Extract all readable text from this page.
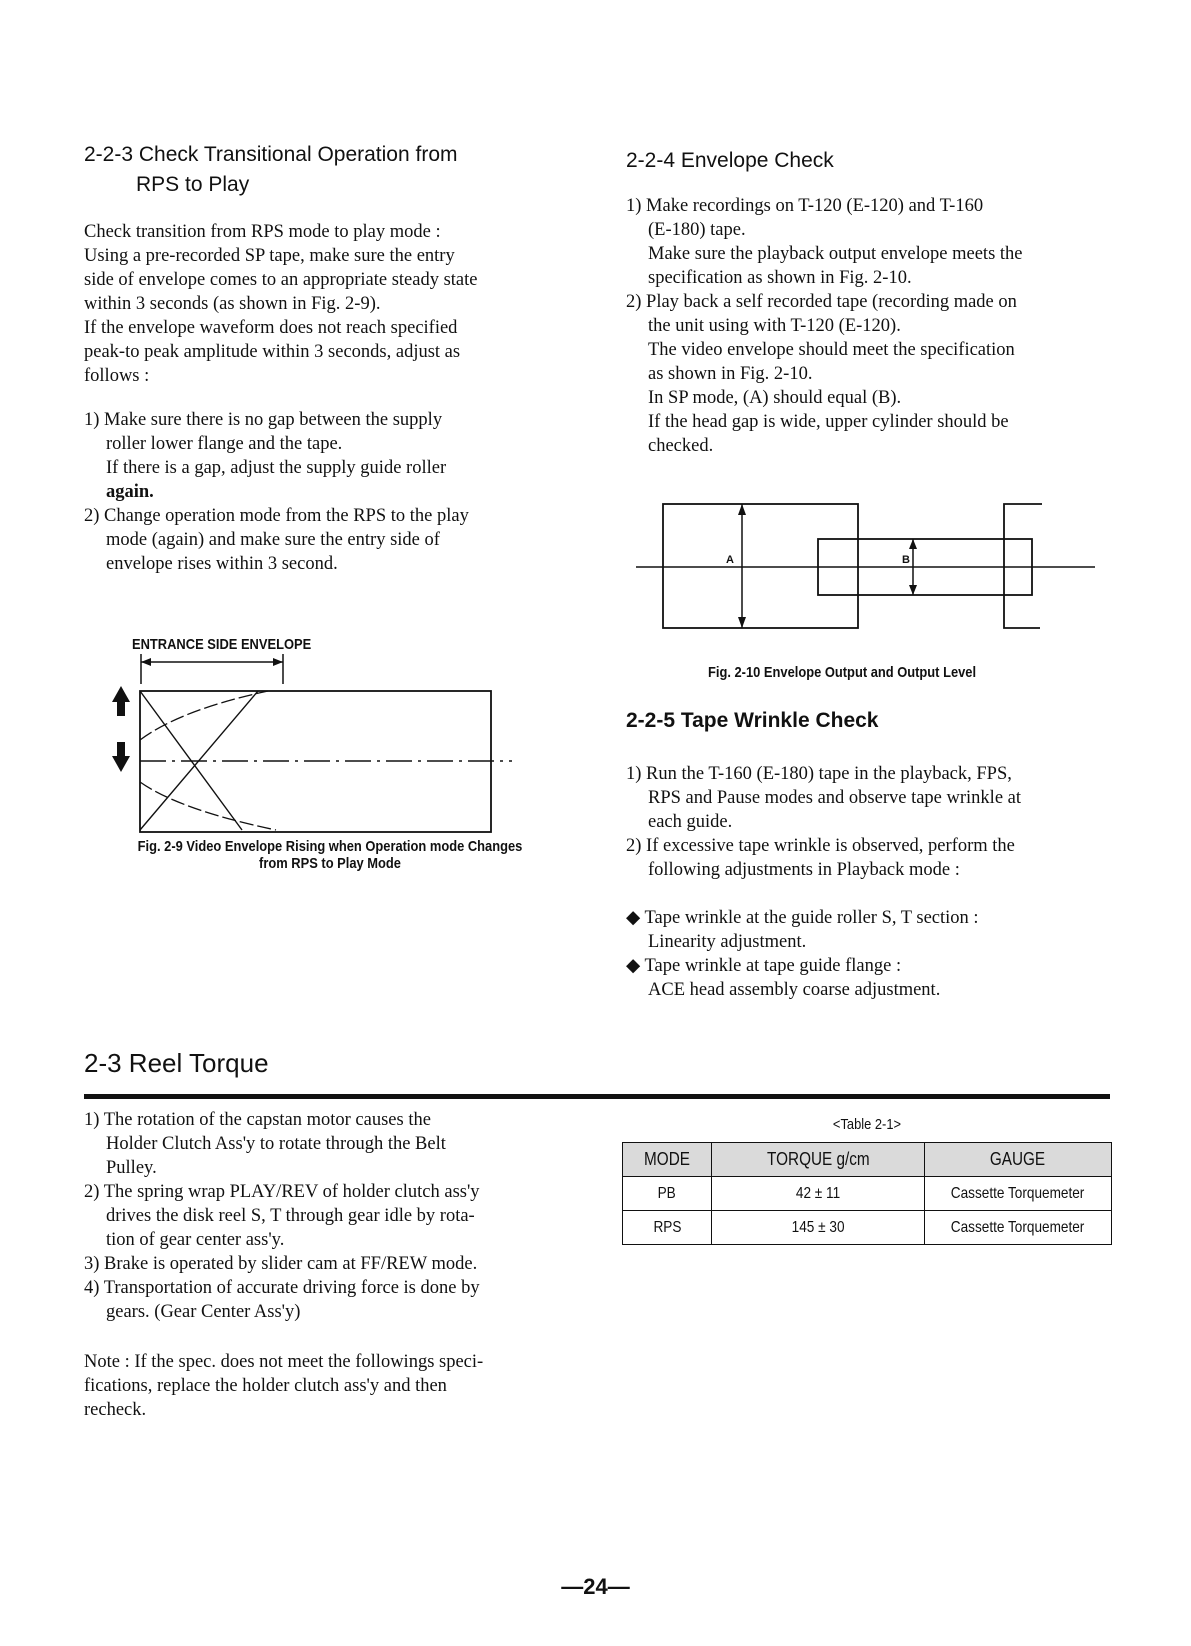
2-2-3 Check Transitional Operation from
RPS to Play
Check transition from RPS mode to play mode :
Using a pre-recorded SP tape, make sure the entry
side of envelope comes to an appropriate steady state
within 3 seconds (as shown in Fig. 2-9).
If the envelope waveform does not reach specified
peak-to peak amplitude within 3 seconds, adjust as
follows :
1) Make sure there is no gap between the supply
roller lower flange and the tape.
If there is a gap, adjust the supply guide roller
again.
2) Change operation mode from the RPS to the play
mode (again) and make sure the entry side of
envelope rises within 3 second.
ENTRANCE SIDE ENVELOPE
Fig. 2-9 Video Envelope Rising when Operation mode Changes
from RPS to Play Mode
2-2-4 Envelope Check
1) Make recordings on T-120 (E-120) and T-160
(E-180) tape.
Make sure the playback output envelope meets the
specification as shown in Fig. 2-10.
2) Play back a self recorded tape (recording made on
the unit using with T-120 (E-120).
The video envelope should meet the specification
as shown in Fig. 2-10.
In SP mode, (A) should equal (B).
If the head gap is wide, upper cylinder should be
checked.
A	B
Fig. 2-10 Envelope Output and Output Level
2-2-5 Tape Wrinkle Check
1) Run the T-160 (E-180) tape in the playback, FPS,
RPS and Pause modes and observe tape wrinkle at
each guide.
2) If excessive tape wrinkle is observed, perform the
following adjustments in Playback mode :
◆ Tape wrinkle at the guide roller S, T section :
Linearity adjustment.
◆ Tape wrinkle at tape guide flange :
ACE head assembly coarse adjustment.
2-3 Reel Torque
1) The rotation of the capstan motor causes the
Holder Clutch Ass'y to rotate through the Belt
Pulley.
2) The spring wrap PLAY/REV of holder clutch ass'y
drives the disk reel S, T through gear idle by rota-
tion of gear center ass'y.
3) Brake is operated by slider cam at FF/REW mode.
4) Transportation of accurate driving force is done by
gears. (Gear Center Ass'y)
Note : If the spec. does not meet the followings speci-
fications, replace the holder clutch ass'y and then
recheck.
<Table 2-1>
MODE	TORQUE g/cm	GAUGE
PB	42 ± 11	Cassette Torquemeter
RPS	145 ± 30	Cassette Torquemeter
—24—
